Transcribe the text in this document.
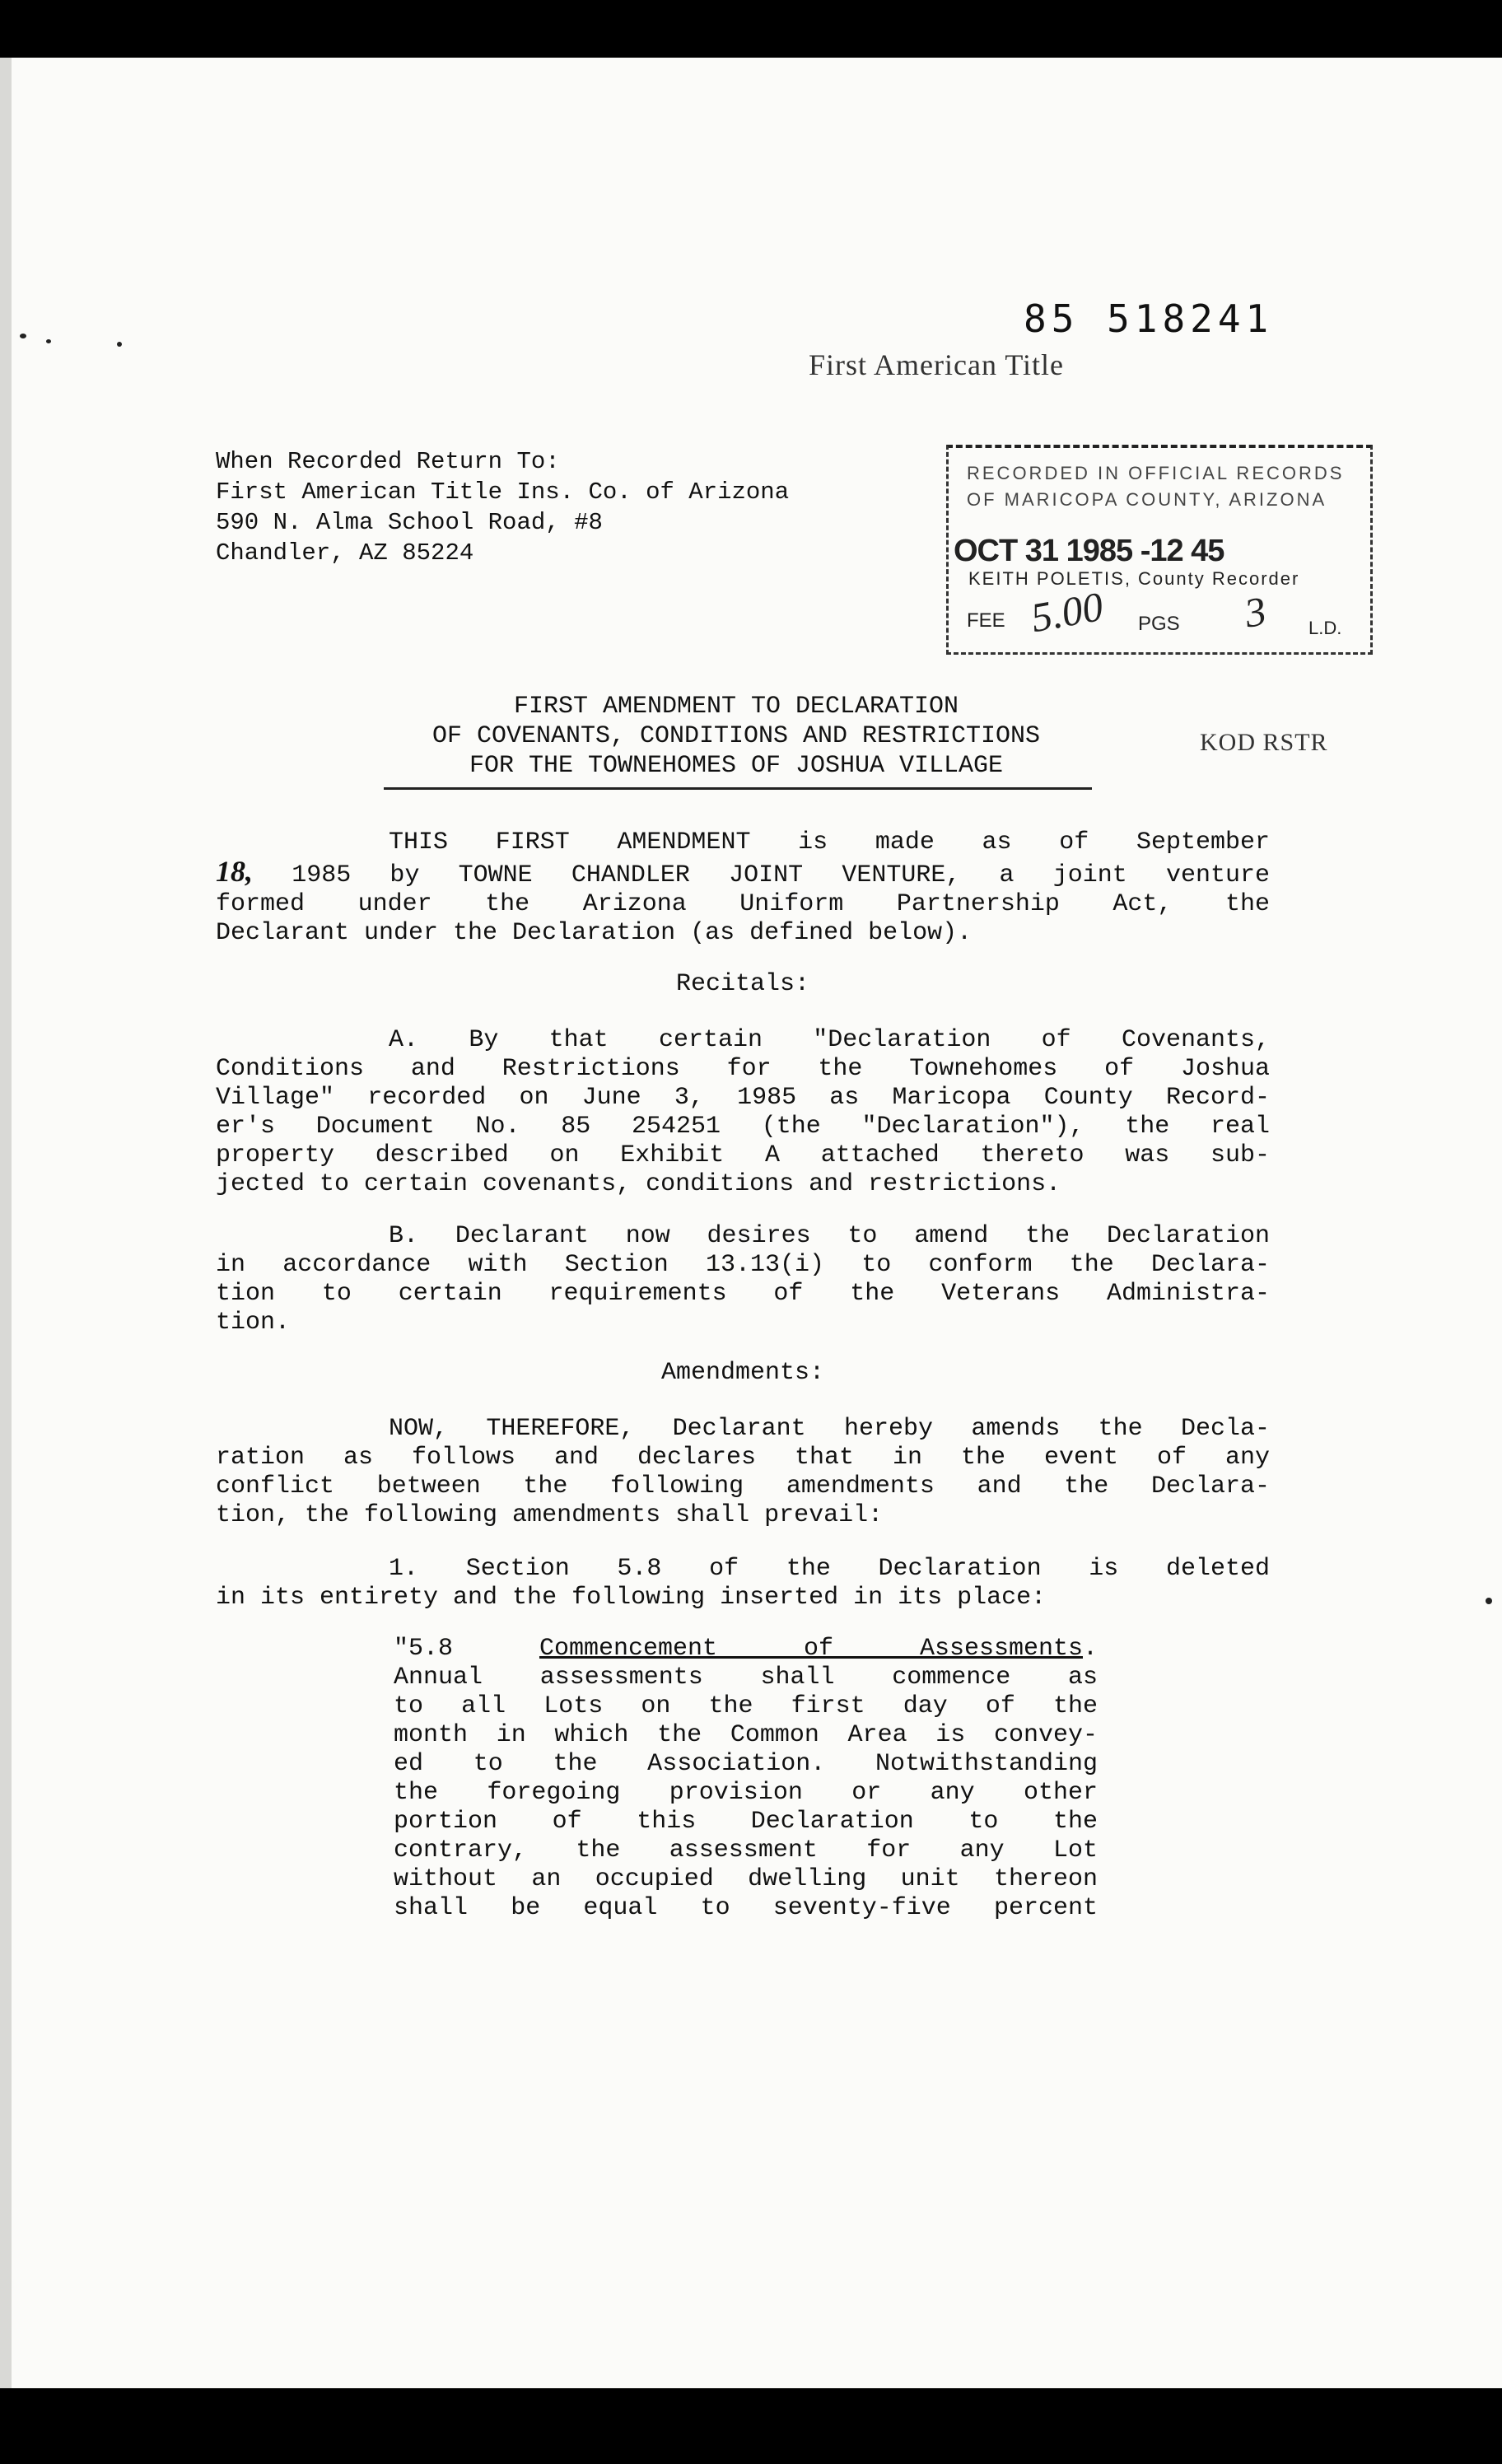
85 518241
First American Title
When Recorded Return To:
First American Title Ins. Co. of Arizona
590 N. Alma School Road, #8
Chandler, AZ 85224
RECORDED IN OFFICIAL RECORDS
OF MARICOPA COUNTY, ARIZONA
OCT 31 1985 -12 45
KEITH POLETIS, County Recorder
FEE 5.00 PGS 3 L.D.
FIRST AMENDMENT TO DECLARATION
OF COVENANTS, CONDITIONS AND RESTRICTIONS
FOR THE TOWNEHOMES OF JOSHUA VILLAGE
KOD RSTR
THIS FIRST AMENDMENT is made as of September
18, 1985 by TOWNE CHANDLER JOINT VENTURE, a joint venture
formed under the Arizona Uniform Partnership Act, the
Declarant under the Declaration (as defined below).
Recitals:
A. By that certain "Declaration of Covenants,
Conditions and Restrictions for the Townehomes of Joshua
Village" recorded on June 3, 1985 as Maricopa County Record-
er's Document No. 85 254251 (the "Declaration"), the real
property described on Exhibit A attached thereto was sub-
jected to certain covenants, conditions and restrictions.
B. Declarant now desires to amend the Declaration
in accordance with Section 13.13(i) to conform the Declara-
tion to certain requirements of the Veterans Administra-
tion.
Amendments:
NOW, THEREFORE, Declarant hereby amends the Decla-
ration as follows and declares that in the event of any
conflict between the following amendments and the Declara-
tion, the following amendments shall prevail:
1. Section 5.8 of the Declaration is deleted
in its entirety and the following inserted in its place:
"5.8	Commencement of Assessments.
Annual assessments shall commence as
to all Lots on the first day of the
month in which the Common Area is convey-
ed to the Association. Notwithstanding
the foregoing provision or any other
portion of this Declaration to the
contrary, the assessment for any Lot
without an occupied dwelling unit thereon
shall be equal to seventy-five percent
